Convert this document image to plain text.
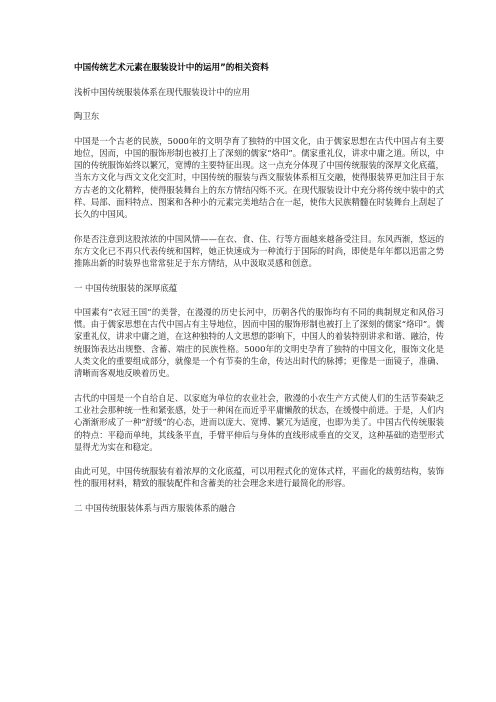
中国传统艺术元素在服装设计中的运用”的相关资料
浅析中国传统服装体系在现代服装设计中的应用
陶卫东

中国是一个古老的民族，5000年的文明孕育了独特的中国文化，由于儒家思想在古代中国占有主要地位，因而，中国的服饰形制也被打上了深刻的儒家“烙印”。儒家重礼仪，讲求中庸之道。所以，中国的传统服饰始终以繁冗，宽博的主要特征出现。这一点充分体现了中国传统服装的深厚文化底蕴，当东方文化与西文文化交汇时，中国传统的服装与西文服装体系相互交融，使得服装界更加注目于东方古老的文化精粹，使得服装舞台上的东方情结闪烁不灭。在现代服装设计中充分将传统中装中的式样、局部、面料特点、图案和各种小的元素完美地结合在一起，使伟大民族精髓在时装舞台上刮起了长久的中国风。

你是否注意到这股浓浓的中国风情——在衣、食、住、行等方面越来越备受注目。东风西渐，悠远的东方文化已不再只代表传统和国粹，她正快速成为一种流行于国际的时尚，即使是年年都以迅雷之势推陈出新的时装界也常常驻足于东方情结，从中汲取灵感和创意。

一 中国传统服装的深厚底蕴

中国素有“衣冠王国”的美誉，在漫漫的历史长河中，历朝各代的服饰均有不同的典制规定和风俗习惯。由于儒家思想在古代中国占有主导地位，因而中国的服饰形制也被打上了深刻的儒家“烙印”。儒家重礼仪，讲求中庸之道，在这种独特的人文思想的影响下，中国人的着装特别讲求和谐、融洽，传统服饰表达出规整、含蓄、端庄的民族性格。5000年的文明史孕育了独特的中国文化，服饰文化是人类文化的重要组成部分，就像是一个有节奏的生命，传达出时代的脉搏；更像是一面镜子，准确、清晰而客观地反映着历史。

古代的中国是一个自给自足、以家庭为单位的农业社会，散漫的小农生产方式使人们的生活节奏缺乏工业社会那种统一性和紧张感，处于一种闲在而近乎平庸懒散的状态，在缓慢中前进。于是，人们内心渐渐形成了一种“舒缓”的心态，进而以庞大、宽博、繁冗为适度，也即为美了。中国古代传统服装的特点：平稳而单纯，其线条平直，手臂平伸后与身体的直线形成垂直的交叉，这种基础的造型形式显得尤为实在和稳定。

由此可见，中国传统服装有着浓厚的文化底蕴，可以用程式化的宽体式样，平面化的裁剪结构，装饰性的服用材料，精致的服装配件和含蓄美的社会理念来进行最简化的形容。

二 中国传统服装体系与西方服装体系的融合
